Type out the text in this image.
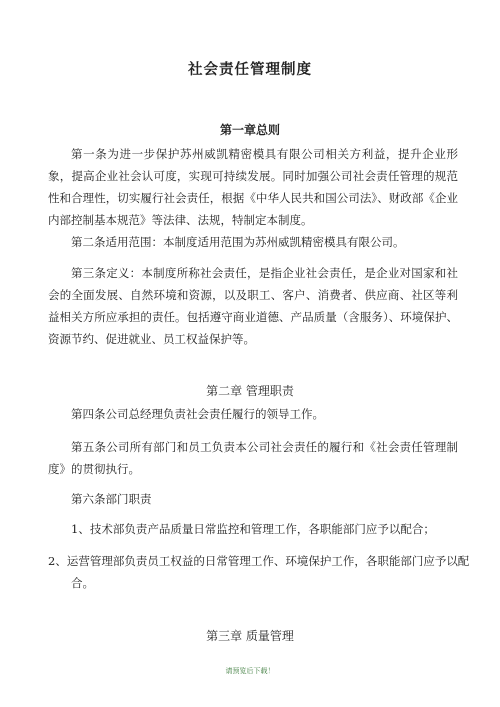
社会责任管理制度
第一章总则
第一条为进一步保护苏州威凯精密模具有限公司相关方利益，提升企业形象，提高企业社会认可度，实现可持续发展。同时加强公司社会责任管理的规范性和合理性，切实履行社会责任，根据《中华人民共和国公司法》、财政部《企业内部控制基本规范》等法律、法规，特制定本制度。
第二条适用范围：本制度适用范围为苏州威凯精密模具有限公司。
第三条定义：本制度所称社会责任，是指企业社会责任，是企业对国家和社会的全面发展、自然环境和资源，以及职工、客户、消费者、供应商、社区等利益相关方所应承担的责任。包括遵守商业道德、产品质量（含服务）、环境保护、资源节约、促进就业、员工权益保护等。
第二章 管理职责
第四条公司总经理负责社会责任履行的领导工作。
第五条公司所有部门和员工负责本公司社会责任的履行和《社会责任管理制度》的贯彻执行。
第六条部门职责
1、技术部负责产品质量日常监控和管理工作，各职能部门应予以配合；
2、运营管理部负责员工权益的日常管理工作、环境保护工作，各职能部门应予以配合。
第三章 质量管理
请预览后下载！
